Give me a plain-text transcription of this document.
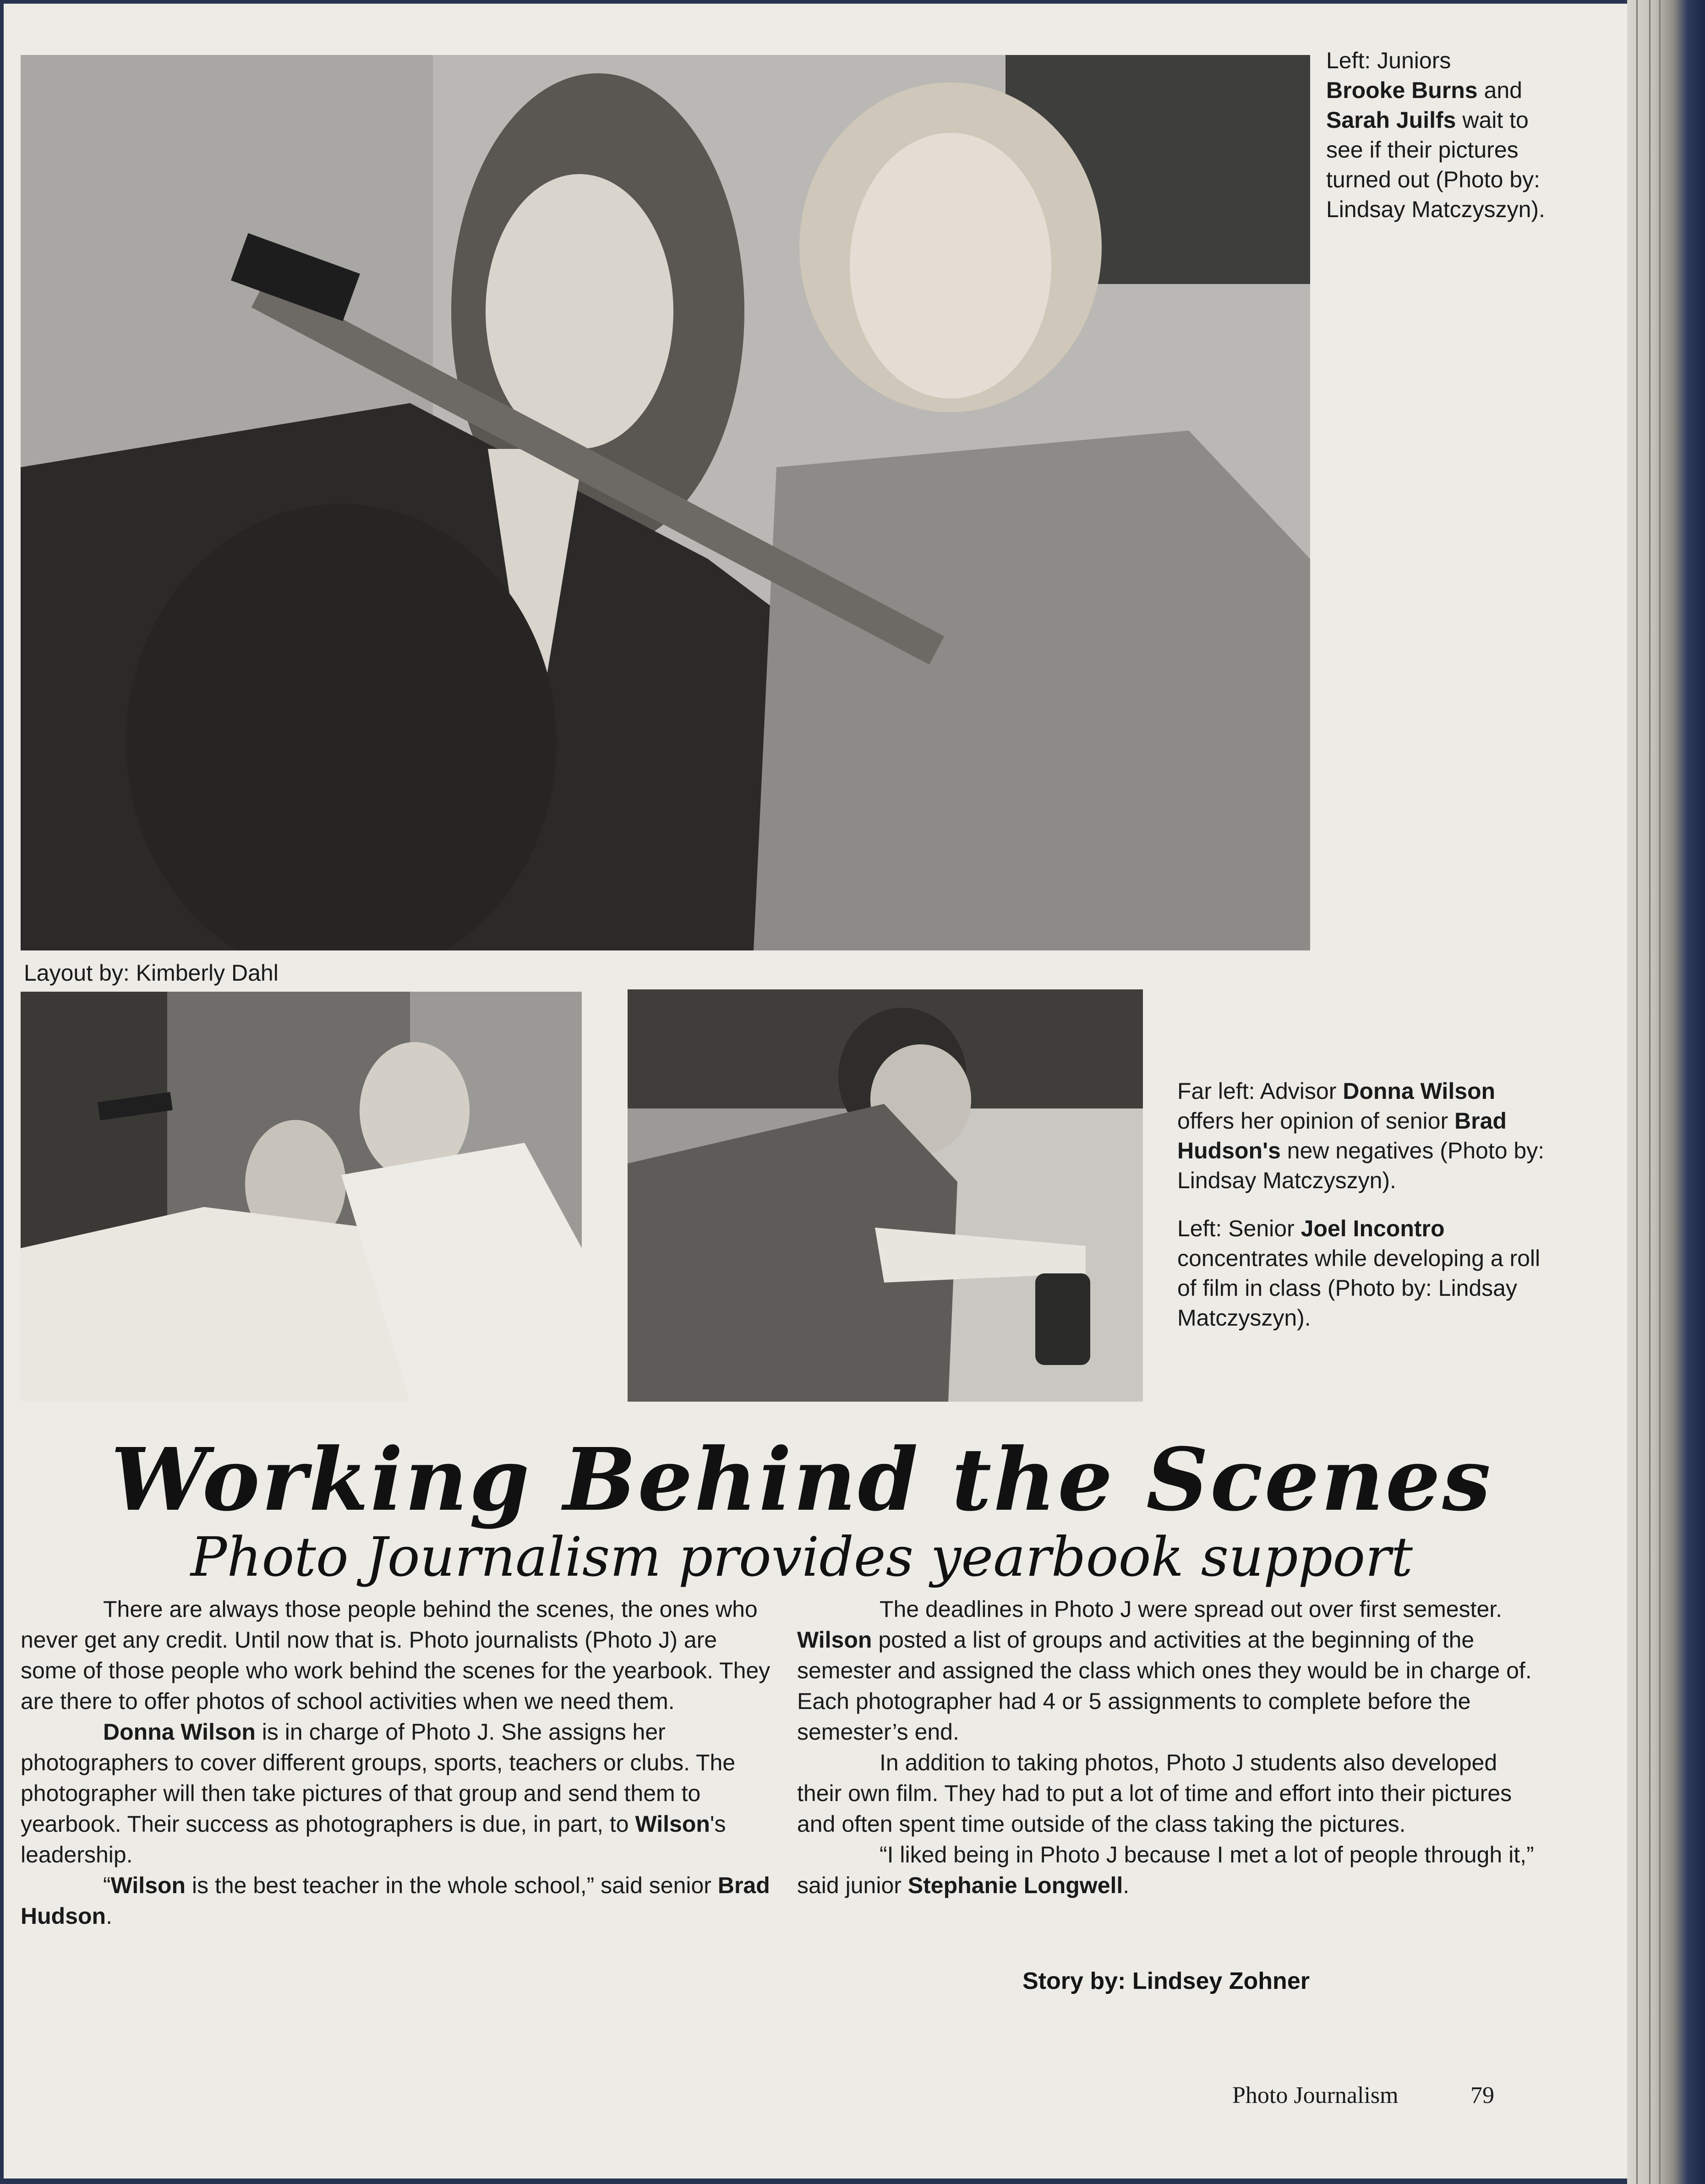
Left: Juniors
Brooke Burns and
Sarah Juilfs wait to see if their pictures turned out (Photo by: Lindsay Matczyszyn).
Layout by: Kimberly Dahl
Far left: Advisor Donna Wilson offers her opinion of senior Brad Hudson's new negatives (Photo by: Lindsay Matczyszyn).
Left: Senior Joel Incontro concentrates while developing a roll of film in class (Photo by: Lindsay Matczyszyn).
Working Behind the Scenes
Photo Journalism provides yearbook support

There are always those people behind the scenes, the ones who never get any credit. Until now that is. Photo journalists (Photo J) are some of those people who work behind the scenes for the yearbook. They are there to offer photos of school activities when we need them.

Donna Wilson is in charge of Photo J. She assigns her photographers to cover different groups, sports, teachers or clubs. The photographer will then take pictures of that group and send them to yearbook. Their success as photographers is due, in part, to Wilson's leadership.

“Wilson is the best teacher in the whole school,” said senior Brad Hudson.

The deadlines in Photo J were spread out over first semester. Wilson posted a list of groups and activities at the beginning of the semester and assigned the class which ones they would be in charge of. Each photographer had 4 or 5 assignments to complete before the semester’s end.

In addition to taking photos, Photo J students also developed their own film. They had to put a lot of time and effort into their pictures and often spent time outside of the class taking the pictures.

“I liked being in Photo J because I met a lot of people through it,” said junior Stephanie Longwell.

Story by: Lindsey Zohner
Photo Journalism	79
